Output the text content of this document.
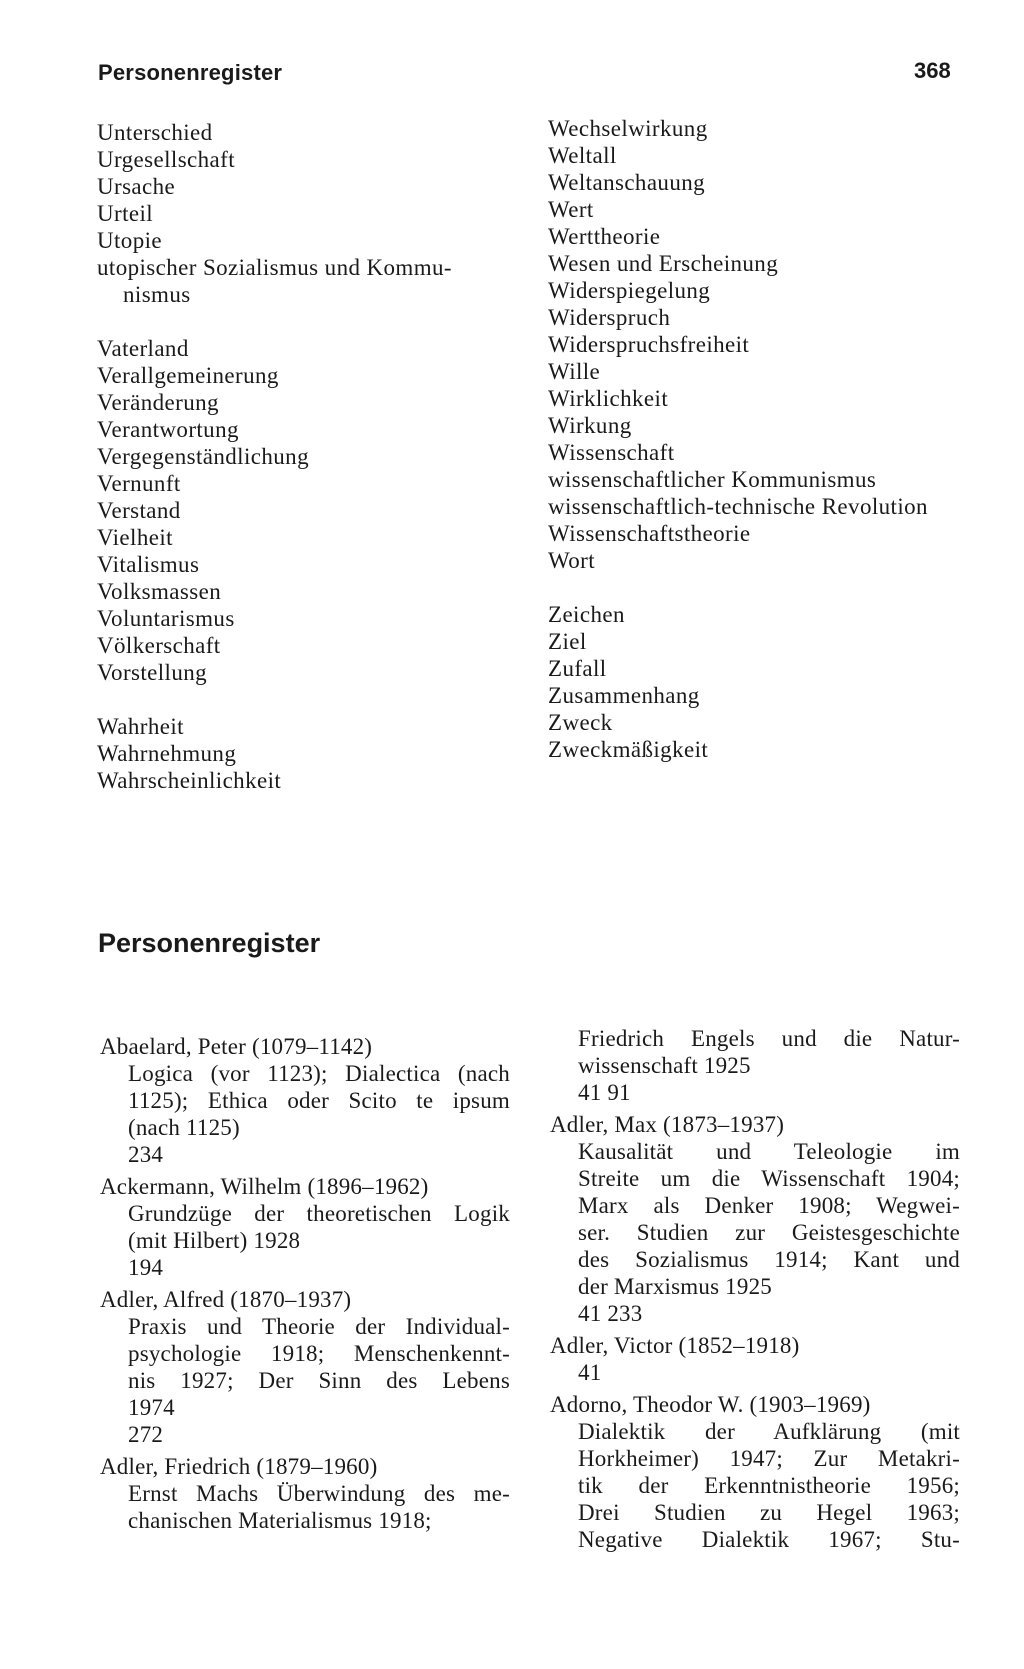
Personenregister	368
Unterschied
Urgesellschaft
Ursache
Urteil
Utopie
utopischer Sozialismus und Kommu-
nismus
Vaterland
Verallgemeinerung
Veränderung
Verantwortung
Vergegenständlichung
Vernunft
Verstand
Vielheit
Vitalismus
Volksmassen
Voluntarismus
Völkerschaft
Vorstellung
Wahrheit
Wahrnehmung
Wahrscheinlichkeit
Wechselwirkung
Weltall
Weltanschauung
Wert
Werttheorie
Wesen und Erscheinung
Widerspiegelung
Widerspruch
Widerspruchsfreiheit
Wille
Wirklichkeit
Wirkung
Wissenschaft
wissenschaftlicher Kommunismus
wissenschaftlich-technische Revolution
Wissenschaftstheorie
Wort
Zeichen
Ziel
Zufall
Zusammenhang
Zweck
Zweckmäßigkeit
Personenregister
Abaelard, Peter (1079–1142)
Logica (vor 1123); Dialectica (nach
1125); Ethica oder Scito te ipsum
(nach 1125)
234
Ackermann, Wilhelm (1896–1962)
Grundzüge der theoretischen Logik
(mit Hilbert) 1928
194
Adler, Alfred (1870–1937)
Praxis und Theorie der Individual-
psychologie 1918; Menschenkennt-
nis 1927; Der Sinn des Lebens
1974
272
Adler, Friedrich (1879–1960)
Ernst Machs Überwindung des me-
chanischen Materialismus 1918;
Friedrich Engels und die Natur-
wissenschaft 1925
41 91
Adler, Max (1873–1937)
Kausalität und Teleologie im
Streite um die Wissenschaft 1904;
Marx als Denker 1908; Wegwei-
ser. Studien zur Geistesgeschichte
des Sozialismus 1914; Kant und
der Marxismus 1925
41 233
Adler, Victor (1852–1918)
41
Adorno, Theodor W. (1903–1969)
Dialektik der Aufklärung (mit
Horkheimer) 1947; Zur Metakri-
tik der Erkenntnistheorie 1956;
Drei Studien zu Hegel 1963;
Negative Dialektik 1967; Stu-
